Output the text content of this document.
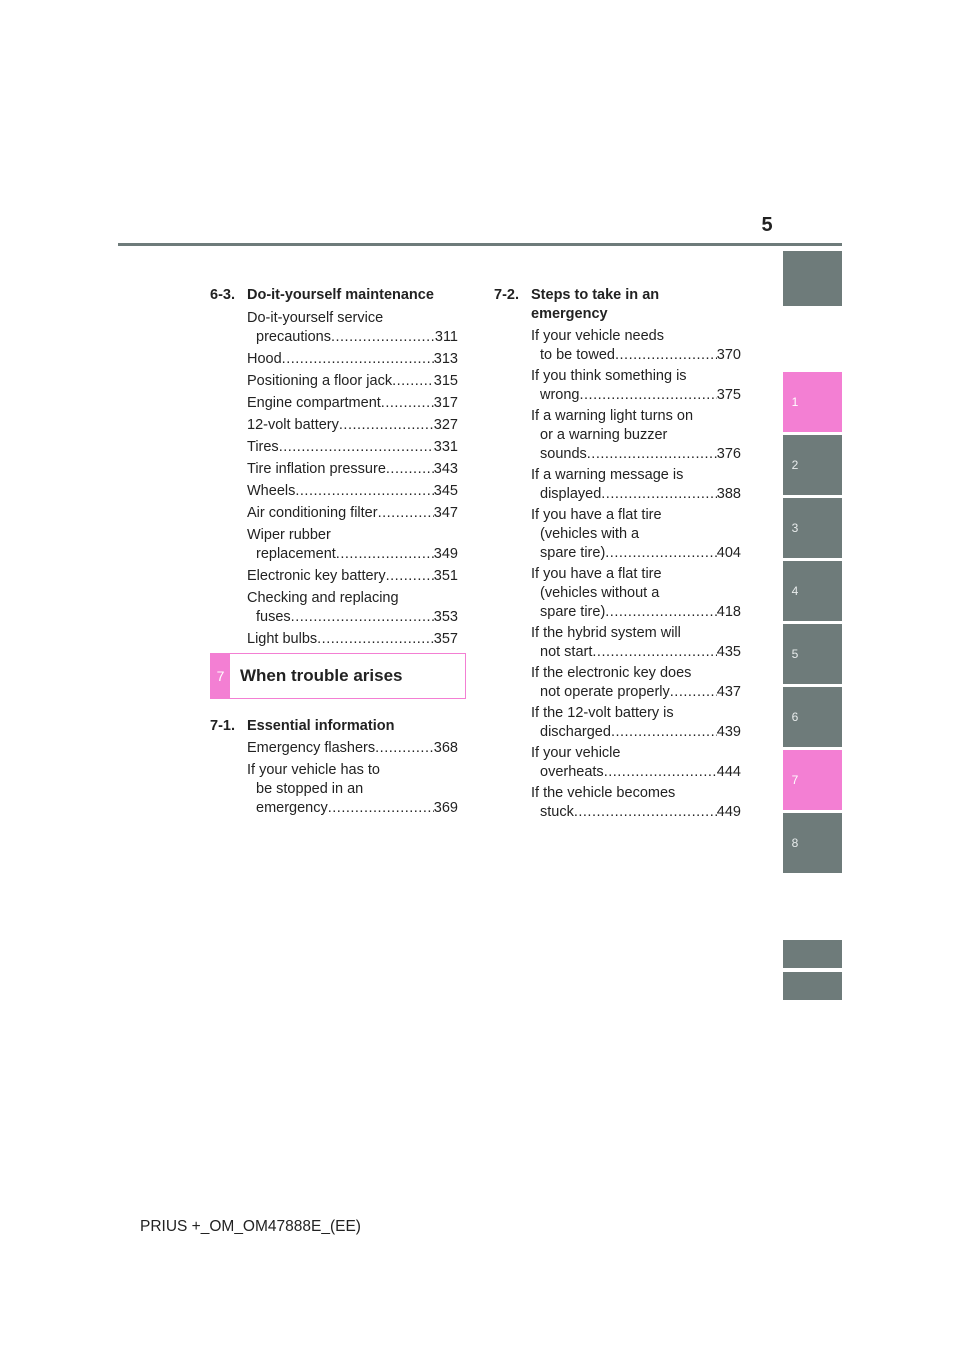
5
1
2
3
4
5
6
7
8
6-3. Do-it-yourself maintenance
Do-it-yourself service
precautions .....	311
Hood .....	313
Positioning a floor jack .....	315
Engine compartment .....	317
12-volt battery .....	327
Tires .....	331
Tire inflation pressure .....	343
Wheels .....	345
Air conditioning filter .....	347
Wiper rubber
replacement .....	349
Electronic key battery .....	351
Checking and replacing
fuses .....	353
Light bulbs .....	357
7 When trouble arises
7-1. Essential information
Emergency flashers .....	368
If your vehicle has to
be stopped in an
emergency .....	369
7-2. Steps to take in an
emergency
If your vehicle needs
to be towed .....	370
If you think something is
wrong .....	375
If a warning light turns on
or a warning buzzer
sounds .....	376
If a warning message is
displayed .....	388
If you have a flat tire
(vehicles with a
spare tire) .....	404
If you have a flat tire
(vehicles without a
spare tire) .....	418
If the hybrid system will
not start .....	435
If the electronic key does
not operate properly .....	437
If the 12-volt battery is
discharged .....	439
If your vehicle
overheats .....	444
If the vehicle becomes
stuck .....	449
PRIUS +_OM_OM47888E_(EE)
